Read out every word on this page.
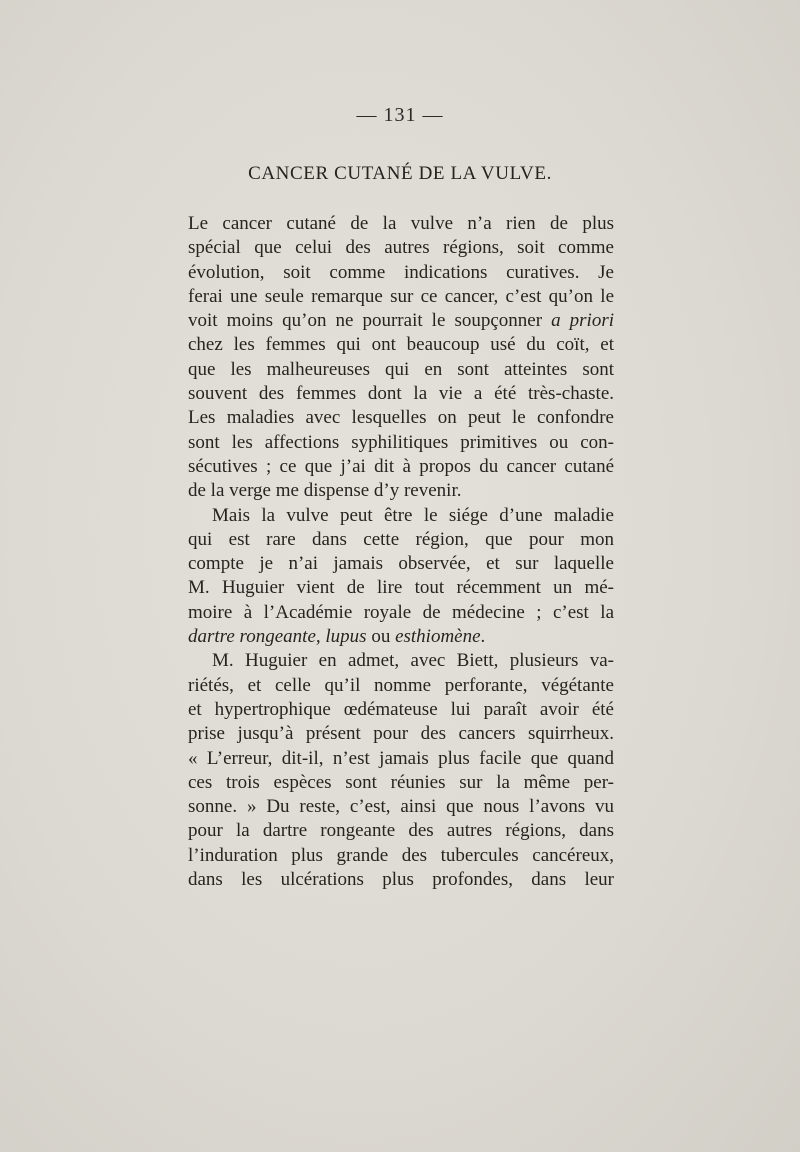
— 131 —
CANCER CUTANÉ DE LA VULVE.
Le cancer cutané de la vulve n’a rien de plus
spécial que celui des autres régions, soit comme
évolution, soit comme indications curatives. Je
ferai une seule remarque sur ce cancer, c’est qu’on le
voit moins qu’on ne pourrait le soupçonner a priori
chez les femmes qui ont beaucoup usé du coït, et
que les malheureuses qui en sont atteintes sont
souvent des femmes dont la vie a été très-chaste.
Les maladies avec lesquelles on peut le confondre
sont les affections syphilitiques primitives ou con-
sécutives ; ce que j’ai dit à propos du cancer cutané
de la verge me dispense d’y revenir.
Mais la vulve peut être le siége d’une maladie
qui est rare dans cette région, que pour mon
compte je n’ai jamais observée, et sur laquelle
M. Huguier vient de lire tout récemment un mé-
moire à l’Académie royale de médecine ; c’est la
dartre rongeante, lupus ou esthiomène.
M. Huguier en admet, avec Biett, plusieurs va-
riétés, et celle qu’il nomme perforante, végétante
et hypertrophique œdémateuse lui paraît avoir été
prise jusqu’à présent pour des cancers squirrheux.
« L’erreur, dit-il, n’est jamais plus facile que quand
ces trois espèces sont réunies sur la même per-
sonne. » Du reste, c’est, ainsi que nous l’avons vu
pour la dartre rongeante des autres régions, dans
l’induration plus grande des tubercules cancéreux,
dans les ulcérations plus profondes, dans leur
